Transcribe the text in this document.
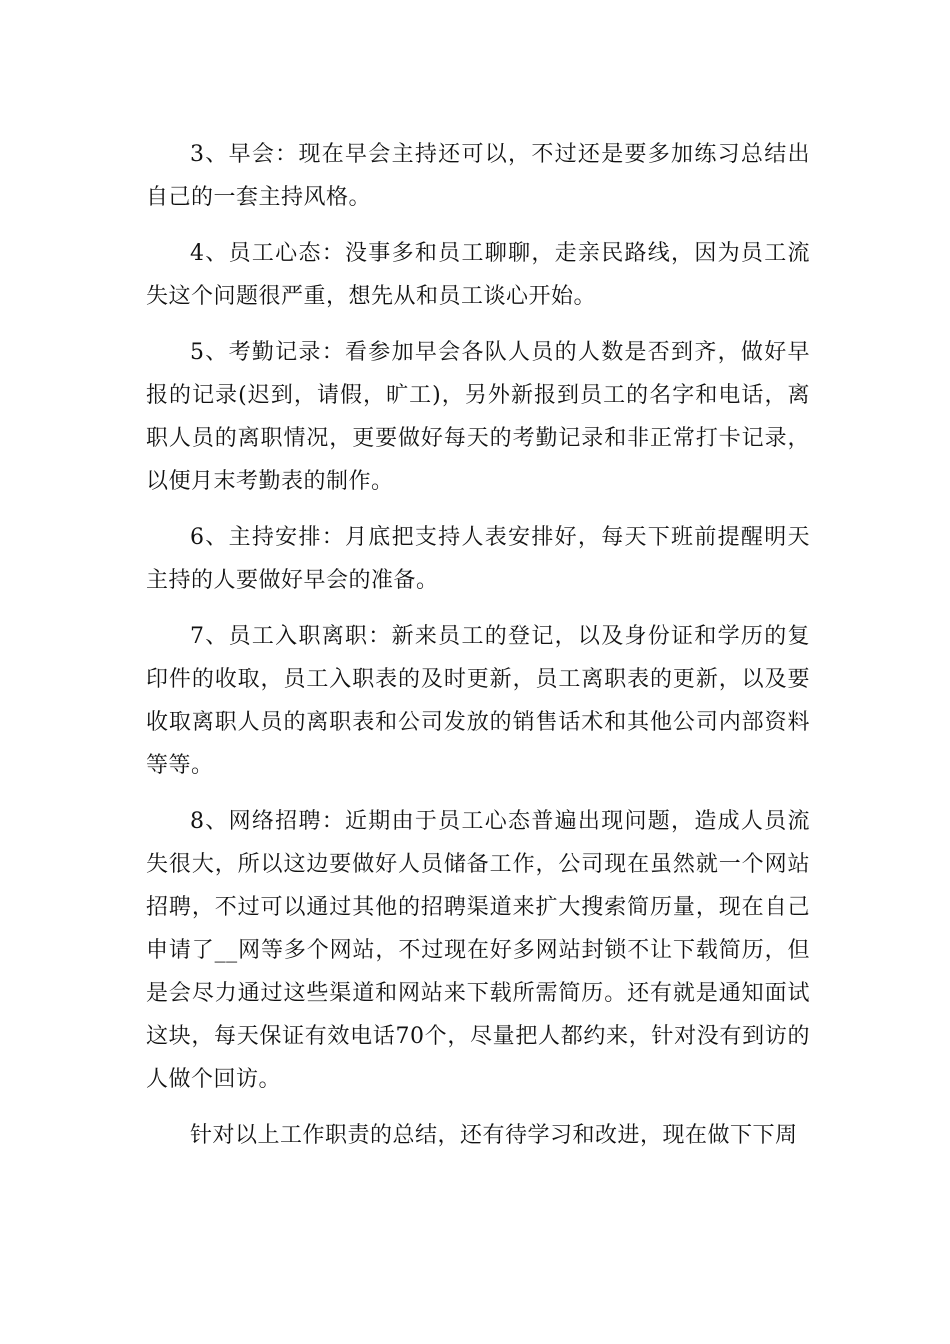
3、早会：现在早会主持还可以，不过还是要多加练习总结出自己的一套主持风格。

4、员工心态：没事多和员工聊聊，走亲民路线，因为员工流失这个问题很严重，想先从和员工谈心开始。

5、考勤记录：看参加早会各队人员的人数是否到齐，做好早报的记录(迟到，请假，旷工)，另外新报到员工的名字和电话，离职人员的离职情况，更要做好每天的考勤记录和非正常打卡记录，以便月末考勤表的制作。

6、主持安排：月底把支持人表安排好，每天下班前提醒明天主持的人要做好早会的准备。

7、员工入职离职：新来员工的登记，以及身份证和学历的复印件的收取，员工入职表的及时更新，员工离职表的更新，以及要收取离职人员的离职表和公司发放的销售话术和其他公司内部资料等等。

8、网络招聘：近期由于员工心态普遍出现问题，造成人员流失很大，所以这边要做好人员储备工作，公司现在虽然就一个网站招聘，不过可以通过其他的招聘渠道来扩大搜索简历量，现在自己申请了__网等多个网站，不过现在好多网站封锁不让下载简历，但是会尽力通过这些渠道和网站来下载所需简历。还有就是通知面试这块，每天保证有效电话70个，尽量把人都约来，针对没有到访的人做个回访。

针对以上工作职责的总结，还有待学习和改进，现在做下下周
